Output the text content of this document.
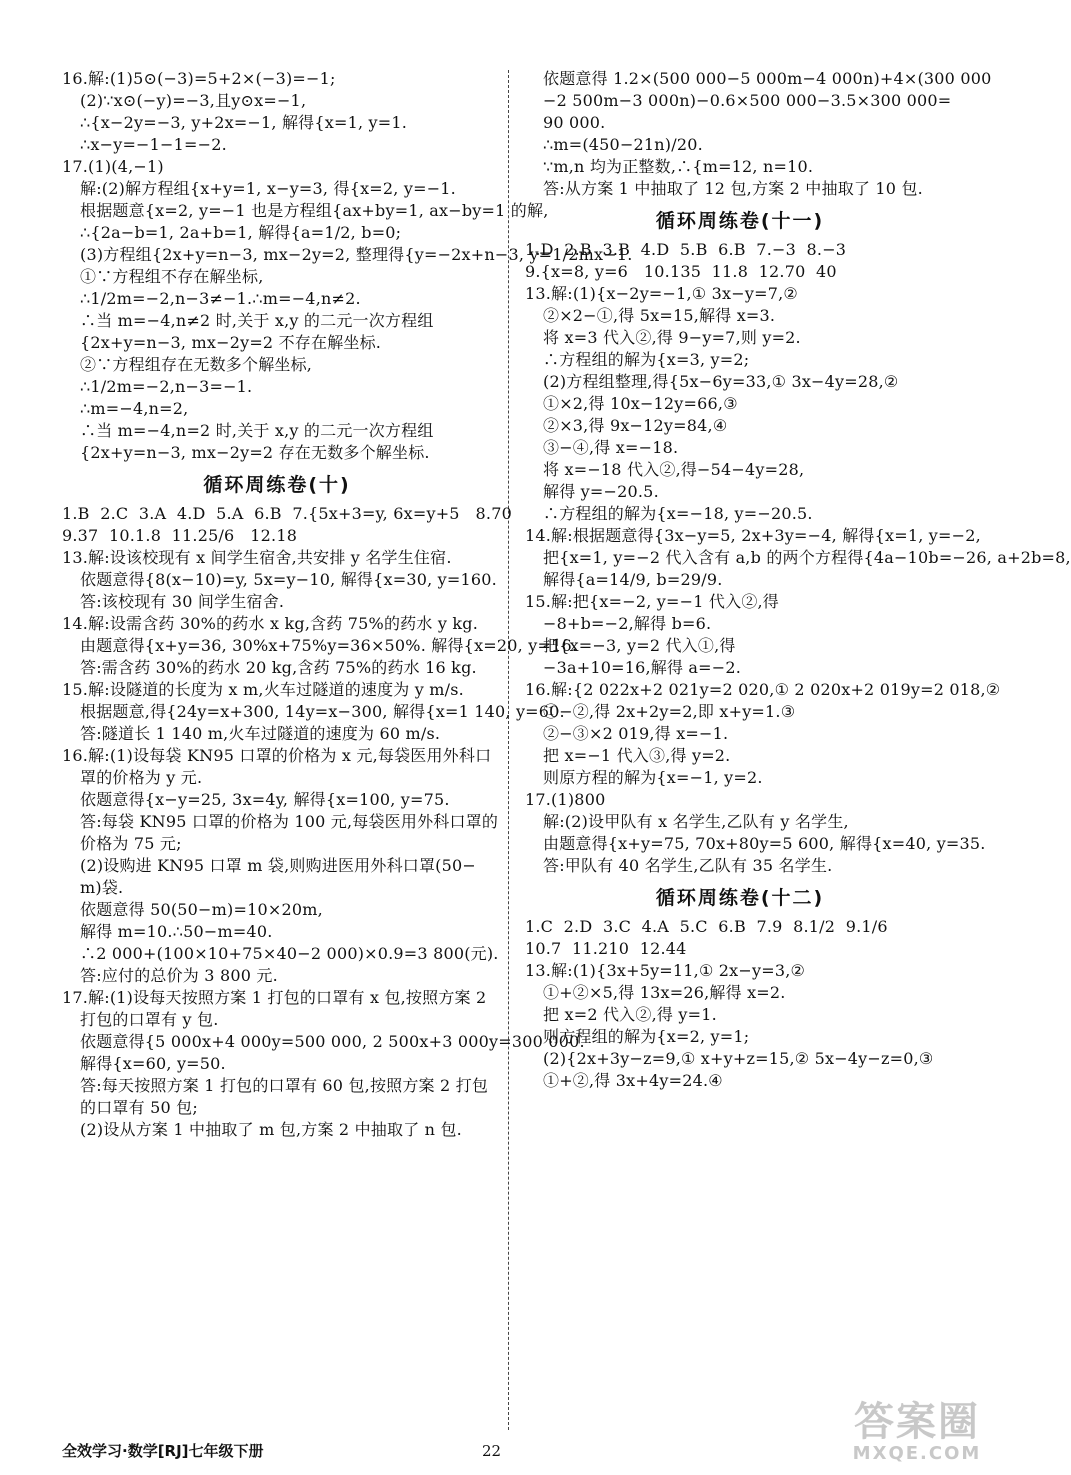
16.解:(1)5⊙(−3)=5+2×(−3)=−1;
(2)∵x⊙(−y)=−3,且y⊙x=−1,
∴{x−2y=−3, y+2x=−1, 解得{x=1, y=1.
∴x−y=−1−1=−2.
17.(1)(4,−1)
解:(2)解方程组{x+y=1, x−y=3, 得{x=2, y=−1.
根据题意{x=2, y=−1 也是方程组{ax+by=1, ax−by=1 的解,
∴{2a−b=1, 2a+b=1, 解得{a=1/2, b=0;
(3)方程组{2x+y=n−3, mx−2y=2, 整理得{y=−2x+n−3, y=1/2mx−1.
①∵方程组不存在解坐标,
∴1/2m=−2,n−3≠−1.∴m=−4,n≠2.
∴当 m=−4,n≠2 时,关于 x,y 的二元一次方程组
{2x+y=n−3, mx−2y=2 不存在解坐标.
②∵方程组存在无数多个解坐标,
∴1/2m=−2,n−3=−1.
∴m=−4,n=2,
∴当 m=−4,n=2 时,关于 x,y 的二元一次方程组
{2x+y=n−3, mx−2y=2 存在无数多个解坐标.
循环周练卷(十)
1.B  2.C  3.A  4.D  5.A  6.B  7.{5x+3=y, 6x=y+5   8.70
9.37  10.1.8  11.25/6   12.18
13.解:设该校现有 x 间学生宿舍,共安排 y 名学生住宿.
依题意得{8(x−10)=y, 5x=y−10, 解得{x=30, y=160.
答:该校现有 30 间学生宿舍.
14.解:设需含药 30%的药水 x kg,含药 75%的药水 y kg.
由题意得{x+y=36, 30%x+75%y=36×50%. 解得{x=20, y=16.
答:需含药 30%的药水 20 kg,含药 75%的药水 16 kg.
15.解:设隧道的长度为 x m,火车过隧道的速度为 y m/s.
根据题意,得{24y=x+300, 14y=x−300, 解得{x=1 140, y=60.
答:隧道长 1 140 m,火车过隧道的速度为 60 m/s.
16.解:(1)设每袋 KN95 口罩的价格为 x 元,每袋医用外科口
罩的价格为 y 元.
依题意得{x−y=25, 3x=4y, 解得{x=100, y=75.
答:每袋 KN95 口罩的价格为 100 元,每袋医用外科口罩的
价格为 75 元;
(2)设购进 KN95 口罩 m 袋,则购进医用外科口罩(50−
m)袋.
依题意得 50(50−m)=10×20m,
解得 m=10.∴50−m=40.
∴2 000+(100×10+75×40−2 000)×0.9=3 800(元).
答:应付的总价为 3 800 元.
17.解:(1)设每天按照方案 1 打包的口罩有 x 包,按照方案 2
打包的口罩有 y 包.
依题意得{5 000x+4 000y=500 000, 2 500x+3 000y=300 000.
解得{x=60, y=50.
答:每天按照方案 1 打包的口罩有 60 包,按照方案 2 打包
的口罩有 50 包;
(2)设从方案 1 中抽取了 m 包,方案 2 中抽取了 n 包.
依题意得 1.2×(500 000−5 000m−4 000n)+4×(300 000
−2 500m−3 000n)−0.6×500 000−3.5×300 000=
90 000.
∴m=(450−21n)/20.
∵m,n 均为正整数,∴{m=12, n=10.
答:从方案 1 中抽取了 12 包,方案 2 中抽取了 10 包.
循环周练卷(十一)
1.D  2.B  3.B  4.D  5.B  6.B  7.−3  8.−3
9.{x=8, y=6   10.135  11.8  12.70  40
13.解:(1){x−2y=−1,① 3x−y=7,②
②×2−①,得 5x=15,解得 x=3.
将 x=3 代入②,得 9−y=7,则 y=2.
∴方程组的解为{x=3, y=2;
(2)方程组整理,得{5x−6y=33,① 3x−4y=28,②
①×2,得 10x−12y=66,③
②×3,得 9x−12y=84,④
③−④,得 x=−18.
将 x=−18 代入②,得−54−4y=28,
解得 y=−20.5.
∴方程组的解为{x=−18, y=−20.5.
14.解:根据题意得{3x−y=5, 2x+3y=−4, 解得{x=1, y=−2,
把{x=1, y=−2 代入含有 a,b 的两个方程得{4a−10b=−26, a+2b=8,
解得{a=14/9, b=29/9.
15.解:把{x=−2, y=−1 代入②,得
−8+b=−2,解得 b=6.
把{x=−3, y=2 代入①,得
−3a+10=16,解得 a=−2.
16.解:{2 022x+2 021y=2 020,① 2 020x+2 019y=2 018,②
①−②,得 2x+2y=2,即 x+y=1.③
②−③×2 019,得 x=−1.
把 x=−1 代入③,得 y=2.
则原方程的解为{x=−1, y=2.
17.(1)800
解:(2)设甲队有 x 名学生,乙队有 y 名学生,
由题意得{x+y=75, 70x+80y=5 600, 解得{x=40, y=35.
答:甲队有 40 名学生,乙队有 35 名学生.
循环周练卷(十二)
1.C  2.D  3.C  4.A  5.C  6.B  7.9  8.1/2  9.1/6
10.7  11.210  12.44
13.解:(1){3x+5y=11,① 2x−y=3,②
①+②×5,得 13x=26,解得 x=2.
把 x=2 代入②,得 y=1.
则方程组的解为{x=2, y=1;
(2){2x+3y−z=9,① x+y+z=15,② 5x−4y−z=0,③
①+②,得 3x+4y=24.④
全效学习·数学[RJ]七年级下册	22
答案圈
MXQE.COM
